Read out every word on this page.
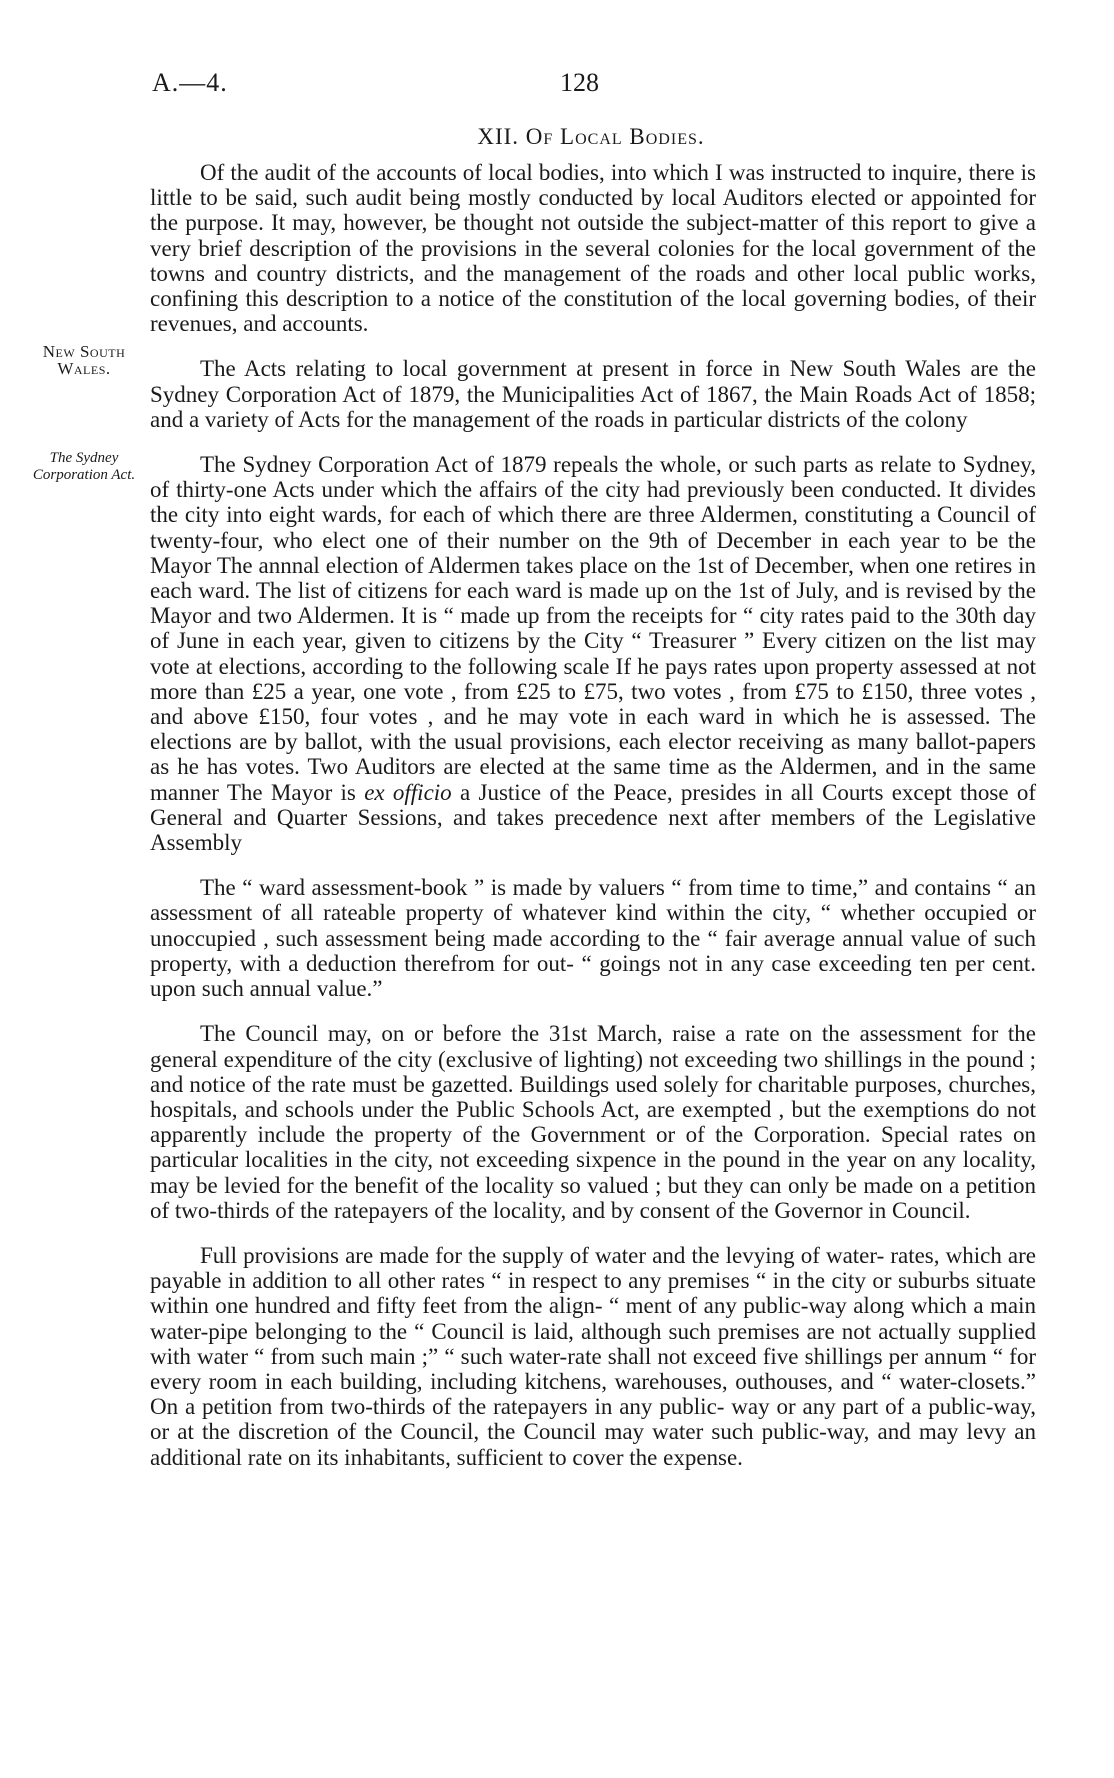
A.—4.	128
XII. Of Local Bodies.
New South Wales.
The Sydney Corporation Act.

Of the audit of the accounts of local bodies, into which I was instructed to inquire, there is little to be said, such audit being mostly conducted by local Auditors elected or appointed for the purpose. It may, however, be thought not outside the subject-matter of this report to give a very brief description of the provisions in the several colonies for the local government of the towns and country districts, and the management of the roads and other local public works, confining this description to a notice of the constitution of the local governing bodies, of their revenues, and accounts.

The Acts relating to local government at present in force in New South Wales are the Sydney Corporation Act of 1879, the Municipalities Act of 1867, the Main Roads Act of 1858; and a variety of Acts for the management of the roads in particular districts of the colony

The Sydney Corporation Act of 1879 repeals the whole, or such parts as relate to Sydney, of thirty-one Acts under which the affairs of the city had previously been conducted. It divides the city into eight wards, for each of which there are three Aldermen, constituting a Council of twenty-four, who elect one of their number on the 9th of December in each year to be the Mayor The annnal election of Aldermen takes place on the 1st of December, when one retires in each ward. The list of citizens for each ward is made up on the 1st of July, and is revised by the Mayor and two Aldermen. It is “ made up from the receipts for “ city rates paid to the 30th day of June in each year, given to citizens by the City “ Treasurer ” Every citizen on the list may vote at elections, according to the following scale If he pays rates upon property assessed at not more than £25 a year, one vote , from £25 to £75, two votes , from £75 to £150, three votes , and above £150, four votes , and he may vote in each ward in which he is assessed. The elections are by ballot, with the usual provisions, each elector receiving as many ballot-papers as he has votes. Two Auditors are elected at the same time as the Aldermen, and in the same manner The Mayor is ex officio a Justice of the Peace, presides in all Courts except those of General and Quarter Sessions, and takes precedence next after members of the Legislative Assembly

The “ ward assessment-book ” is made by valuers “ from time to time,” and contains “ an assessment of all rateable property of whatever kind within the city, “ whether occupied or unoccupied , such assessment being made according to the “ fair average annual value of such property, with a deduction therefrom for out- “ goings not in any case exceeding ten per cent. upon such annual value.”

The Council may, on or before the 31st March, raise a rate on the assessment for the general expenditure of the city (exclusive of lighting) not exceeding two shillings in the pound ; and notice of the rate must be gazetted. Buildings used solely for charitable purposes, churches, hospitals, and schools under the Public Schools Act, are exempted , but the exemptions do not apparently include the property of the Government or of the Corporation. Special rates on particular localities in the city, not exceeding sixpence in the pound in the year on any locality, may be levied for the benefit of the locality so valued ; but they can only be made on a petition of two-thirds of the ratepayers of the locality, and by consent of the Governor in Council.

Full provisions are made for the supply of water and the levying of water- rates, which are payable in addition to all other rates “ in respect to any premises “ in the city or suburbs situate within one hundred and fifty feet from the align- “ ment of any public-way along which a main water-pipe belonging to the “ Council is laid, although such premises are not actually supplied with water “ from such main ;” “ such water-rate shall not exceed five shillings per annum “ for every room in each building, including kitchens, warehouses, outhouses, and “ water-closets.” On a petition from two-thirds of the ratepayers in any public- way or any part of a public-way, or at the discretion of the Council, the Council may water such public-way, and may levy an additional rate on its inhabitants, sufficient to cover the expense.
